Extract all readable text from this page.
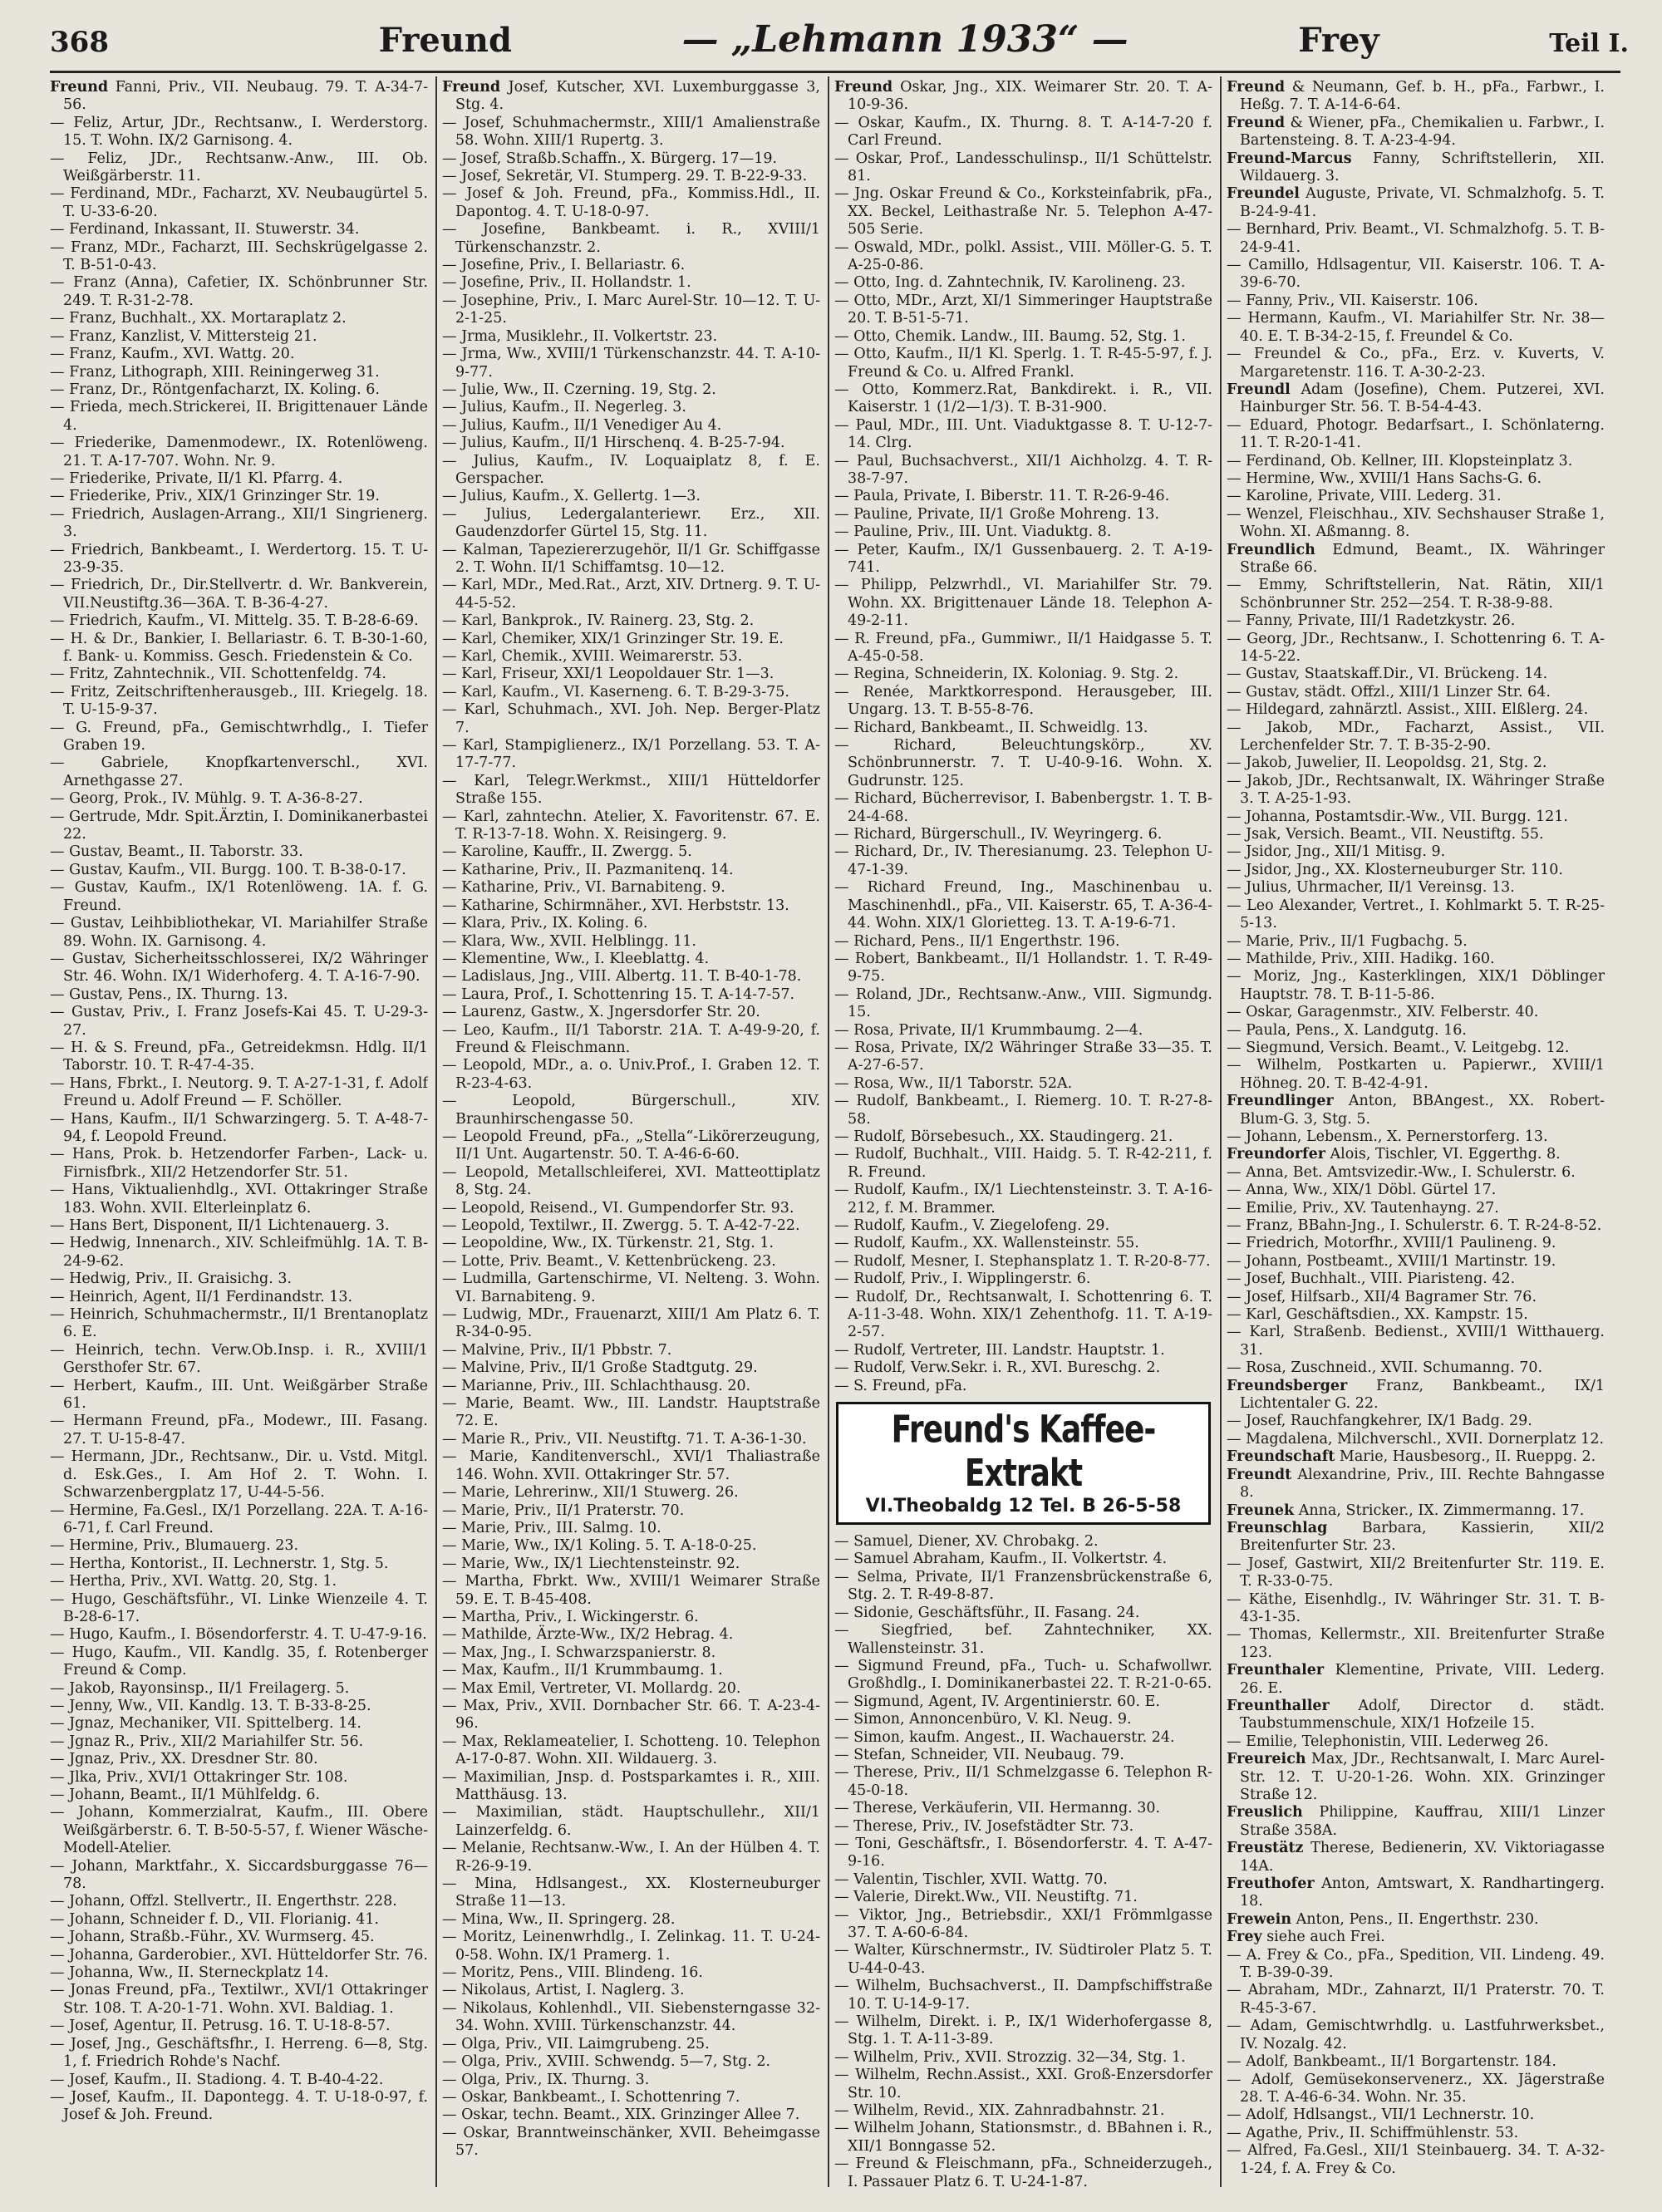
368	Freund	— „Lehmann 1933“ —	Frey	Teil I.

Freund Fanni, Priv., VII. Neubaug. 79. T. A-34-7-56.

— Feliz, Artur, JDr., Rechtsanw., I. Werderstorg. 15. T. Wohn. IX/2 Garnisong. 4.

— Feliz, JDr., Rechtsanw.-Anw., III. Ob. Weißgärberstr. 11.

— Ferdinand, MDr., Facharzt, XV. Neubaugürtel 5. T. U-33-6-20.

— Ferdinand, Inkassant, II. Stuwerstr. 34.

— Franz, MDr., Facharzt, III. Sechskrügelgasse 2. T. B-51-0-43.

— Franz (Anna), Cafetier, IX. Schönbrunner Str. 249. T. R-31-2-78.

— Franz, Buchhalt., XX. Mortaraplatz 2.

— Franz, Kanzlist, V. Mittersteig 21.

— Franz, Kaufm., XVI. Wattg. 20.

— Franz, Lithograph, XIII. Reiningerweg 31.

— Franz, Dr., Röntgenfacharzt, IX. Koling. 6.

— Frieda, mech.Strickerei, II. Brigittenauer Lände 4.

— Friederike, Damenmodewr., IX. Rotenlöweng. 21. T. A-17-707. Wohn. Nr. 9.

— Friederike, Private, II/1 Kl. Pfarrg. 4.

— Friederike, Priv., XIX/1 Grinzinger Str. 19.

— Friedrich, Auslagen-Arrang., XII/1 Singrienerg. 3.

— Friedrich, Bankbeamt., I. Werdertorg. 15. T. U-23-9-35.

— Friedrich, Dr., Dir.Stellvertr. d. Wr. Bankverein, VII.Neustiftg.36—36A. T. B-36-4-27.

— Friedrich, Kaufm., VI. Mittelg. 35. T. B-28-6-69.

— H. & Dr., Bankier, I. Bellariastr. 6. T. B-30-1-60, f. Bank- u. Kommiss. Gesch. Friedenstein & Co.

— Fritz, Zahntechnik., VII. Schottenfeldg. 74.

— Fritz, Zeitschriftenherausgeb., III. Kriegelg. 18. T. U-15-9-37.

— G. Freund, pFa., Gemischtwrhdlg., I. Tiefer Graben 19.

— Gabriele, Knopfkartenverschl., XVI. Arnethgasse 27.

— Georg, Prok., IV. Mühlg. 9. T. A-36-8-27.

— Gertrude, Mdr. Spit.Ärztin, I. Dominikanerbastei 22.

— Gustav, Beamt., II. Taborstr. 33.

— Gustav, Kaufm., VII. Burgg. 100. T. B-38-0-17.

— Gustav, Kaufm., IX/1 Rotenlöweng. 1A. f. G. Freund.

— Gustav, Leihbibliothekar, VI. Mariahilfer Straße 89. Wohn. IX. Garnisong. 4.

— Gustav, Sicherheitsschlosserei, IX/2 Währinger Str. 46. Wohn. IX/1 Widerhoferg. 4. T. A-16-7-90.

— Gustav, Pens., IX. Thurng. 13.

— Gustav, Priv., I. Franz Josefs-Kai 45. T. U-29-3-27.

— H. & S. Freund, pFa., Getreidekmsn. Hdlg. II/1 Taborstr. 10. T. R-47-4-35.

— Hans, Fbrkt., I. Neutorg. 9. T. A-27-1-31, f. Adolf Freund u. Adolf Freund — F. Schöller.

— Hans, Kaufm., II/1 Schwarzingerg. 5. T. A-48-7-94, f. Leopold Freund.

— Hans, Prok. b. Hetzendorfer Farben-, Lack- u. Firnisfbrk., XII/2 Hetzendorfer Str. 51.

— Hans, Viktualienhdlg., XVI. Ottakringer Straße 183. Wohn. XVII. Elterleinplatz 6.

— Hans Bert, Disponent, II/1 Lichtenauerg. 3.

— Hedwig, Innenarch., XIV. Schleifmühlg. 1A. T. B-24-9-62.

— Hedwig, Priv., II. Graisichg. 3.

— Heinrich, Agent, II/1 Ferdinandstr. 13.

— Heinrich, Schuhmachermstr., II/1 Brentanoplatz 6. E.

— Heinrich, techn. Verw.Ob.Insp. i. R., XVIII/1 Gersthofer Str. 67.

— Herbert, Kaufm., III. Unt. Weißgärber Straße 61.

— Hermann Freund, pFa., Modewr., III. Fasang. 27. T. U-15-8-47.

— Hermann, JDr., Rechtsanw., Dir. u. Vstd. Mitgl. d. Esk.Ges., I. Am Hof 2. T. Wohn. I. Schwarzenbergplatz 17, U-44-5-56.

— Hermine, Fa.Gesl., IX/1 Porzellang. 22A. T. A-16-6-71, f. Carl Freund.

— Hermine, Priv., Blumauerg. 23.

— Hertha, Kontorist., II. Lechnerstr. 1, Stg. 5.

— Hertha, Priv., XVI. Wattg. 20, Stg. 1.

— Hugo, Geschäftsführ., VI. Linke Wienzeile 4. T. B-28-6-17.

— Hugo, Kaufm., I. Bösendorferstr. 4. T. U-47-9-16.

— Hugo, Kaufm., VII. Kandlg. 35, f. Rotenberger Freund & Comp.

— Jakob, Rayonsinsp., II/1 Freilagerg. 5.

— Jenny, Ww., VII. Kandlg. 13. T. B-33-8-25.

— Jgnaz, Mechaniker, VII. Spittelberg. 14.

— Jgnaz R., Priv., XII/2 Mariahilfer Str. 56.

— Jgnaz, Priv., XX. Dresdner Str. 80.

— Jlka, Priv., XVI/1 Ottakringer Str. 108.

— Johann, Beamt., II/1 Mühlfeldg. 6.

— Johann, Kommerzialrat, Kaufm., III. Obere Weißgärberstr. 6. T. B-50-5-57, f. Wiener Wäsche-Modell-Atelier.

— Johann, Marktfahr., X. Siccardsburggasse 76—78.

— Johann, Offzl. Stellvertr., II. Engerthstr. 228.

— Johann, Schneider f. D., VII. Florianig. 41.

— Johann, Straßb.-Führ., XV. Wurmserg. 45.

— Johanna, Garderobier., XVI. Hütteldorfer Str. 76.

— Johanna, Ww., II. Sterneckplatz 14.

— Jonas Freund, pFa., Textilwr., XVI/1 Ottakringer Str. 108. T. A-20-1-71. Wohn. XVI. Baldiag. 1.

— Josef, Agentur, II. Petrusg. 16. T. U-18-8-57.

— Josef, Jng., Geschäftsfhr., I. Herreng. 6—8, Stg. 1, f. Friedrich Rohde's Nachf.

— Josef, Kaufm., II. Stadiong. 4. T. B-40-4-22.

— Josef, Kaufm., II. Dapontegg. 4. T. U-18-0-97, f. Josef & Joh. Freund.

Freund Josef, Kutscher, XVI. Luxemburggasse 3, Stg. 4.

— Josef, Schuhmachermstr., XIII/1 Amalienstraße 58. Wohn. XIII/1 Rupertg. 3.

— Josef, Straßb.Schaffn., X. Bürgerg. 17—19.

— Josef, Sekretär, VI. Stumperg. 29. T. B-22-9-33.

— Josef & Joh. Freund, pFa., Kommiss.Hdl., II. Dapontog. 4. T. U-18-0-97.

— Josefine, Bankbeamt. i. R., XVIII/1 Türkenschanzstr. 2.

— Josefine, Priv., I. Bellariastr. 6.

— Josefine, Priv., II. Hollandstr. 1.

— Josephine, Priv., I. Marc Aurel-Str. 10—12. T. U-2-1-25.

— Jrma, Musiklehr., II. Volkertstr. 23.

— Jrma, Ww., XVIII/1 Türkenschanzstr. 44. T. A-10-9-77.

— Julie, Ww., II. Czerning. 19, Stg. 2.

— Julius, Kaufm., II. Negerleg. 3.

— Julius, Kaufm., II/1 Venediger Au 4.

— Julius, Kaufm., II/1 Hirschenq. 4. B-25-7-94.

— Julius, Kaufm., IV. Loquaiplatz 8, f. E. Gerspacher.

— Julius, Kaufm., X. Gellertg. 1—3.

— Julius, Ledergalanteriewr. Erz., XII. Gaudenzdorfer Gürtel 15, Stg. 11.

— Kalman, Tapeziererzugehör, II/1 Gr. Schiffgasse 2. T. Wohn. II/1 Schiffamtsg. 10—12.

— Karl, MDr., Med.Rat., Arzt, XIV. Drtnerg. 9. T. U-44-5-52.

— Karl, Bankprok., IV. Rainerg. 23, Stg. 2.

— Karl, Chemiker, XIX/1 Grinzinger Str. 19. E.

— Karl, Chemik., XVIII. Weimarerstr. 53.

— Karl, Friseur, XXI/1 Leopoldauer Str. 1—3.

— Karl, Kaufm., VI. Kaserneng. 6. T. B-29-3-75.

— Karl, Schuhmach., XVI. Joh. Nep. Berger-Platz 7.

— Karl, Stampiglienerz., IX/1 Porzellang. 53. T. A-17-7-77.

— Karl, Telegr.Werkmst., XIII/1 Hütteldorfer Straße 155.

— Karl, zahntechn. Atelier, X. Favoritenstr. 67. E. T. R-13-7-18. Wohn. X. Reisingerg. 9.

— Karoline, Kauffr., II. Zwergg. 5.

— Katharine, Priv., II. Pazmanitenq. 14.

— Katharine, Priv., VI. Barnabiteng. 9.

— Katharine, Schirmnäher., XVI. Herbststr. 13.

— Klara, Priv., IX. Koling. 6.

— Klara, Ww., XVII. Helblingg. 11.

— Klementine, Ww., I. Kleeblattg. 4.

— Ladislaus, Jng., VIII. Albertg. 11. T. B-40-1-78.

— Laura, Prof., I. Schottenring 15. T. A-14-7-57.

— Laurenz, Gastw., X. Jngersdorfer Str. 20.

— Leo, Kaufm., II/1 Taborstr. 21A. T. A-49-9-20, f. Freund & Fleischmann.

— Leopold, MDr., a. o. Univ.Prof., I. Graben 12. T. R-23-4-63.

— Leopold, Bürgerschull., XIV. Braunhirschengasse 50.

— Leopold Freund, pFa., „Stella“-Likörerzeugung, II/1 Unt. Augartenstr. 50. T. A-46-6-60.

— Leopold, Metallschleiferei, XVI. Matteottiplatz 8, Stg. 24.

— Leopold, Reisend., VI. Gumpendorfer Str. 93.

— Leopold, Textilwr., II. Zwergg. 5. T. A-42-7-22.

— Leopoldine, Ww., IX. Türkenstr. 21, Stg. 1.

— Lotte, Priv. Beamt., V. Kettenbrückeng. 23.

— Ludmilla, Gartenschirme, VI. Nelteng. 3. Wohn. VI. Barnabiteng. 9.

— Ludwig, MDr., Frauenarzt, XIII/1 Am Platz 6. T. R-34-0-95.

— Malvine, Priv., II/1 Pbbstr. 7.

— Malvine, Priv., II/1 Große Stadtgutg. 29.

— Marianne, Priv., III. Schlachthausg. 20.

— Marie, Beamt. Ww., III. Landstr. Hauptstraße 72. E.

— Marie R., Priv., VII. Neustiftg. 71. T. A-36-1-30.

— Marie, Kanditenverschl., XVI/1 Thaliastraße 146. Wohn. XVII. Ottakringer Str. 57.

— Marie, Lehrerinw., XII/1 Stuwerg. 26.

— Marie, Priv., II/1 Praterstr. 70.

— Marie, Priv., III. Salmg. 10.

— Marie, Ww., IX/1 Koling. 5. T. A-18-0-25.

— Marie, Ww., IX/1 Liechtensteinstr. 92.

— Martha, Fbrkt. Ww., XVIII/1 Weimarer Straße 59. E. T. B-45-408.

— Martha, Priv., I. Wickingerstr. 6.

— Mathilde, Ärzte-Ww., IX/2 Hebrag. 4.

— Max, Jng., I. Schwarzspanierstr. 8.

— Max, Kaufm., II/1 Krummbaumg. 1.

— Max Emil, Vertreter, VI. Mollardg. 20.

— Max, Priv., XVII. Dornbacher Str. 66. T. A-23-4-96.

— Max, Reklameatelier, I. Schotteng. 10. Telephon A-17-0-87. Wohn. XII. Wildauerg. 3.

— Maximilian, Jnsp. d. Postsparkamtes i. R., XIII. Matthäusg. 13.

— Maximilian, städt. Hauptschullehr., XII/1 Lainzerfeldg. 6.

— Melanie, Rechtsanw.-Ww., I. An der Hülben 4. T. R-26-9-19.

— Mina, Hdlsangest., XX. Klosterneuburger Straße 11—13.

— Mina, Ww., II. Springerg. 28.

— Moritz, Leinenwrhdlg., I. Zelinkag. 11. T. U-24-0-58. Wohn. IX/1 Pramerg. 1.

— Moritz, Pens., VIII. Blindeng. 16.

— Nikolaus, Artist, I. Naglerg. 3.

— Nikolaus, Kohlenhdl., VII. Siebensterngasse 32-34. Wohn. XVIII. Türkenschanzstr. 44.

— Olga, Priv., VII. Laimgrubeng. 25.

— Olga, Priv., XVIII. Schwendg. 5—7, Stg. 2.

— Olga, Priv., IX. Thurng. 3.

— Oskar, Bankbeamt., I. Schottenring 7.

— Oskar, techn. Beamt., XIX. Grinzinger Allee 7.

— Oskar, Branntweinschänker, XVII. Beheimgasse 57.

Freund Oskar, Jng., XIX. Weimarer Str. 20. T. A-10-9-36.

— Oskar, Kaufm., IX. Thurng. 8. T. A-14-7-20 f. Carl Freund.

— Oskar, Prof., Landesschulinsp., II/1 Schüttelstr. 81.

— Jng. Oskar Freund & Co., Korksteinfabrik, pFa., XX. Beckel, Leithastraße Nr. 5. Telephon A-47-505 Serie.

— Oswald, MDr., polkl. Assist., VIII. Möller-G. 5. T. A-25-0-86.

— Otto, Ing. d. Zahntechnik, IV. Karolineng. 23.

— Otto, MDr., Arzt, XI/1 Simmeringer Hauptstraße 20. T. B-51-5-71.

— Otto, Chemik. Landw., III. Baumg. 52, Stg. 1.

— Otto, Kaufm., II/1 Kl. Sperlg. 1. T. R-45-5-97, f. J. Freund & Co. u. Alfred Frankl.

— Otto, Kommerz.Rat, Bankdirekt. i. R., VII. Kaiserstr. 1 (1/2—1/3). T. B-31-900.

— Paul, MDr., III. Unt. Viaduktgasse 8. T. U-12-7-14. Clrg.

— Paul, Buchsachverst., XII/1 Aichholzg. 4. T. R-38-7-97.

— Paula, Private, I. Biberstr. 11. T. R-26-9-46.

— Pauline, Private, II/1 Große Mohreng. 13.

— Pauline, Priv., III. Unt. Viaduktg. 8.

— Peter, Kaufm., IX/1 Gussenbauerg. 2. T. A-19-741.

— Philipp, Pelzwrhdl., VI. Mariahilfer Str. 79. Wohn. XX. Brigittenauer Lände 18. Telephon A-49-2-11.

— R. Freund, pFa., Gummiwr., II/1 Haidgasse 5. T. A-45-0-58.

— Regina, Schneiderin, IX. Koloniag. 9. Stg. 2.

— Renée, Marktkorrespond. Herausgeber, III. Ungarg. 13. T. B-55-8-76.

— Richard, Bankbeamt., II. Schweidlg. 13.

— Richard, Beleuchtungskörp., XV. Schönbrunnerstr. 7. T. U-40-9-16. Wohn. X. Gudrunstr. 125.

— Richard, Bücherrevisor, I. Babenbergstr. 1. T. B-24-4-68.

— Richard, Bürgerschull., IV. Weyringerg. 6.

— Richard, Dr., IV. Theresianumg. 23. Telephon U-47-1-39.

— Richard Freund, Ing., Maschinenbau u. Maschinenhdl., pFa., VII. Kaiserstr. 65, T. A-36-4-44. Wohn. XIX/1 Glorietteg. 13. T. A-19-6-71.

— Richard, Pens., II/1 Engerthstr. 196.

— Robert, Bankbeamt., II/1 Hollandstr. 1. T. R-49-9-75.

— Roland, JDr., Rechtsanw.-Anw., VIII. Sigmundg. 15.

— Rosa, Private, II/1 Krummbaumg. 2—4.

— Rosa, Private, IX/2 Währinger Straße 33—35. T. A-27-6-57.

— Rosa, Ww., II/1 Taborstr. 52A.

— Rudolf, Bankbeamt., I. Riemerg. 10. T. R-27-8-58.

— Rudolf, Börsebesuch., XX. Staudingerg. 21.

— Rudolf, Buchhalt., VIII. Haidg. 5. T. R-42-211, f. R. Freund.

— Rudolf, Kaufm., IX/1 Liechtensteinstr. 3. T. A-16-212, f. M. Brammer.

— Rudolf, Kaufm., V. Ziegelofeng. 29.

— Rudolf, Kaufm., XX. Wallensteinstr. 55.

— Rudolf, Mesner, I. Stephansplatz 1. T. R-20-8-77.

— Rudolf, Priv., I. Wipplingerstr. 6.

— Rudolf, Dr., Rechtsanwalt, I. Schottenring 6. T. A-11-3-48. Wohn. XIX/1 Zehenthofg. 11. T. A-19-2-57.

— Rudolf, Vertreter, III. Landstr. Hauptstr. 1.

— Rudolf, Verw.Sekr. i. R., XVI. Bureschg. 2.

— S. Freund, pFa.

Freund's Kaffee-Extrakt
VI.Theobaldg 12 Tel. B 26-5-58

— Samuel, Diener, XV. Chrobakg. 2.

— Samuel Abraham, Kaufm., II. Volkertstr. 4.

— Selma, Private, II/1 Franzensbrückenstraße 6, Stg. 2. T. R-49-8-87.

— Sidonie, Geschäftsführ., II. Fasang. 24.

— Siegfried, bef. Zahntechniker, XX. Wallensteinstr. 31.

— Sigmund Freund, pFa., Tuch- u. Schafwollwr. Großhdlg., I. Dominikanerbastei 22. T. R-21-0-65.

— Sigmund, Agent, IV. Argentinierstr. 60. E.

— Simon, Annoncenbüro, V. Kl. Neug. 9.

— Simon, kaufm. Angest., II. Wachauerstr. 24.

— Stefan, Schneider, VII. Neubaug. 79.

— Therese, Priv., II/1 Schmelzgasse 6. Telephon R-45-0-18.

— Therese, Verkäuferin, VII. Hermanng. 30.

— Therese, Priv., IV. Josefstädter Str. 73.

— Toni, Geschäftsfr., I. Bösendorferstr. 4. T. A-47-9-16.

— Valentin, Tischler, XVII. Wattg. 70.

— Valerie, Direkt.Ww., VII. Neustiftg. 71.

— Viktor, Jng., Betriebsdir., XXI/1 Frömmlgasse 37. T. A-60-6-84.

— Walter, Kürschnermstr., IV. Südtiroler Platz 5. T. U-44-0-43.

— Wilhelm, Buchsachverst., II. Dampfschiffstraße 10. T. U-14-9-17.

— Wilhelm, Direkt. i. P., IX/1 Widerhofergasse 8, Stg. 1. T. A-11-3-89.

— Wilhelm, Priv., XVII. Strozzig. 32—34, Stg. 1.

— Wilhelm, Rechn.Assist., XXI. Groß-Enzersdorfer Str. 10.

— Wilhelm, Revid., XIX. Zahnradbahnstr. 21.

— Wilhelm Johann, Stationsmstr., d. BBahnen i. R., XII/1 Bonngasse 52.

— Freund & Fleischmann, pFa., Schneiderzugeh., I. Passauer Platz 6. T. U-24-1-87.

Freund & Neumann, Gef. b. H., pFa., Farbwr., I. Heßg. 7. T. A-14-6-64.

Freund & Wiener, pFa., Chemikalien u. Farbwr., I. Bartensteing. 8. T. A-23-4-94.

Freund-Marcus Fanny, Schriftstellerin, XII. Wildauerg. 3.

Freundel Auguste, Private, VI. Schmalzhofg. 5. T. B-24-9-41.

— Bernhard, Priv. Beamt., VI. Schmalzhofg. 5. T. B-24-9-41.

— Camillo, Hdlsagentur, VII. Kaiserstr. 106. T. A-39-6-70.

— Fanny, Priv., VII. Kaiserstr. 106.

— Hermann, Kaufm., VI. Mariahilfer Str. Nr. 38—40. E. T. B-34-2-15, f. Freundel & Co.

— Freundel & Co., pFa., Erz. v. Kuverts, V. Margaretenstr. 116. T. A-30-2-23.

Freundl Adam (Josefine), Chem. Putzerei, XVI. Hainburger Str. 56. T. B-54-4-43.

— Eduard, Photogr. Bedarfsart., I. Schönlaterng. 11. T. R-20-1-41.

— Ferdinand, Ob. Kellner, III. Klopsteinplatz 3.

— Hermine, Ww., XVIII/1 Hans Sachs-G. 6.

— Karoline, Private, VIII. Lederg. 31.

— Wenzel, Fleischhau., XIV. Sechshauser Straße 1, Wohn. XI. Aßmanng. 8.

Freundlich Edmund, Beamt., IX. Währinger Straße 66.

— Emmy, Schriftstellerin, Nat. Rätin, XII/1 Schönbrunner Str. 252—254. T. R-38-9-88.

— Fanny, Private, III/1 Radetzkystr. 26.

— Georg, JDr., Rechtsanw., I. Schottenring 6. T. A-14-5-22.

— Gustav, Staatskaff.Dir., VI. Brückeng. 14.

— Gustav, städt. Offzl., XIII/1 Linzer Str. 64.

— Hildegard, zahnärztl. Assist., XIII. Elßlerg. 24.

— Jakob, MDr., Facharzt, Assist., VII. Lerchenfelder Str. 7. T. B-35-2-90.

— Jakob, Juwelier, II. Leopoldsg. 21, Stg. 2.

— Jakob, JDr., Rechtsanwalt, IX. Währinger Straße 3. T. A-25-1-93.

— Johanna, Postamtsdir.-Ww., VII. Burgg. 121.

— Jsak, Versich. Beamt., VII. Neustiftg. 55.

— Jsidor, Jng., XII/1 Mitisg. 9.

— Jsidor, Jng., XX. Klosterneuburger Str. 110.

— Julius, Uhrmacher, II/1 Vereinsg. 13.

— Leo Alexander, Vertret., I. Kohlmarkt 5. T. R-25-5-13.

— Marie, Priv., II/1 Fugbachg. 5.

— Mathilde, Priv., XIII. Hadikg. 160.

— Moriz, Jng., Kasterklingen, XIX/1 Döblinger Hauptstr. 78. T. B-11-5-86.

— Oskar, Garagenmstr., XIV. Felberstr. 40.

— Paula, Pens., X. Landgutg. 16.

— Siegmund, Versich. Beamt., V. Leitgebg. 12.

— Wilhelm, Postkarten u. Papierwr., XVIII/1 Höhneg. 20. T. B-42-4-91.

Freundlinger Anton, BBAngest., XX. Robert-Blum-G. 3, Stg. 5.

— Johann, Lebensm., X. Pernerstorferg. 13.

Freundorfer Alois, Tischler, VI. Eggerthg. 8.

— Anna, Bet. Amtsvizedir.-Ww., I. Schulerstr. 6.

— Anna, Ww., XIX/1 Döbl. Gürtel 17.

— Emilie, Priv., XV. Tautenhayng. 27.

— Franz, BBahn-Jng., I. Schulerstr. 6. T. R-24-8-52.

— Friedrich, Motorfhr., XVIII/1 Paulineng. 9.

— Johann, Postbeamt., XVIII/1 Martinstr. 19.

— Josef, Buchhalt., VIII. Piaristeng. 42.

— Josef, Hilfsarb., XII/4 Bagramer Str. 76.

— Karl, Geschäftsdien., XX. Kampstr. 15.

— Karl, Straßenb. Bedienst., XVIII/1 Witthauerg. 31.

— Rosa, Zuschneid., XVII. Schumanng. 70.

Freundsberger Franz, Bankbeamt., IX/1 Lichtentaler G. 22.

— Josef, Rauchfangkehrer, IX/1 Badg. 29.

— Magdalena, Milchverschl., XVII. Dornerplatz 12.

Freundschaft Marie, Hausbesorg., II. Rueppg. 2.

Freundt Alexandrine, Priv., III. Rechte Bahngasse 8.

Freunek Anna, Stricker., IX. Zimmermanng. 17.

Freunschlag Barbara, Kassierin, XII/2 Breitenfurter Str. 23.

— Josef, Gastwirt, XII/2 Breitenfurter Str. 119. E. T. R-33-0-75.

— Käthe, Eisenhdlg., IV. Währinger Str. 31. T. B-43-1-35.

— Thomas, Kellermstr., XII. Breitenfurter Straße 123.

Freunthaler Klementine, Private, VIII. Lederg. 26. E.

Freunthaller Adolf, Director d. städt. Taubstummenschule, XIX/1 Hofzeile 15.

— Emilie, Telephonistin, VIII. Lederweg 26.

Freureich Max, JDr., Rechtsanwalt, I. Marc Aurel-Str. 12. T. U-20-1-26. Wohn. XIX. Grinzinger Straße 12.

Freuslich Philippine, Kauffrau, XIII/1 Linzer Straße 358A.

Freustätz Therese, Bedienerin, XV. Viktoriagasse 14A.

Freuthofer Anton, Amtswart, X. Randhartingerg. 18.

Frewein Anton, Pens., II. Engerthstr. 230.

Frey siehe auch Frei.

— A. Frey & Co., pFa., Spedition, VII. Lindeng. 49. T. B-39-0-39.

— Abraham, MDr., Zahnarzt, II/1 Praterstr. 70. T. R-45-3-67.

— Adam, Gemischtwrhdlg. u. Lastfuhrwerksbet., IV. Nozalg. 42.

— Adolf, Bankbeamt., II/1 Borgartenstr. 184.

— Adolf, Gemüsekonservenerz., XX. Jägerstraße 28. T. A-46-6-34. Wohn. Nr. 35.

— Adolf, Hdlsangst., VII/1 Lechnerstr. 10.

— Agathe, Priv., II. Schiffmühlenstr. 53.

— Alfred, Fa.Gesl., XII/1 Steinbauerg. 34. T. A-32-1-24, f. A. Frey & Co.
